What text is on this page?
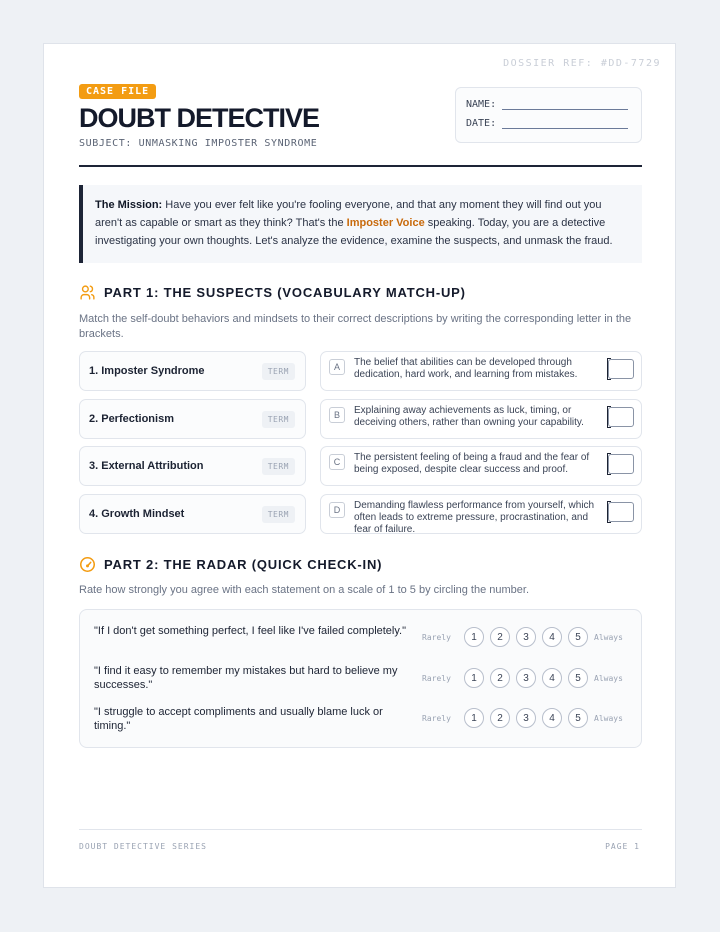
DOSSIER REF: #DD-7729
CASE FILE
DOUBT DETECTIVE
SUBJECT: UNMASKING IMPOSTER SYNDROME
NAME:
DATE:
The Mission: Have you ever felt like you're fooling everyone, and that any moment they will find out you aren't as capable or smart as they think? That's the Imposter Voice speaking. Today, you are a detective investigating your own thoughts. Let's analyze the evidence, examine the suspects, and unmask the fraud.
PART 1: THE SUSPECTS (VOCABULARY MATCH-UP)
Match the self-doubt behaviors and mindsets to their correct descriptions by writing the corresponding letter in the brackets.
1. Imposter Syndrome	TERM
2. Perfectionism	TERM
3. External Attribution	TERM
4. Growth Mindset	TERM
A	The belief that abilities can be developed through dedication, hard work, and learning from mistakes.
B	Explaining away achievements as luck, timing, or deceiving others, rather than owning your capability.
C	The persistent feeling of being a fraud and the fear of being exposed, despite clear success and proof.
D	Demanding flawless performance from yourself, which often leads to extreme pressure, procrastination, and fear of failure.
PART 2: THE RADAR (QUICK CHECK-IN)
Rate how strongly you agree with each statement on a scale of 1 to 5 by circling the number.
"If I don't get something perfect, I feel like I've failed completely."	Rarely	1	2	3	4	5	Always
"I find it easy to remember my mistakes but hard to believe my successes."
Rarely	1	2	3	4	5	Always
"I struggle to accept compliments and usually blame luck or timing."
Rarely	1	2	3	4	5	Always
DOUBT DETECTIVE SERIES	PAGE 1
